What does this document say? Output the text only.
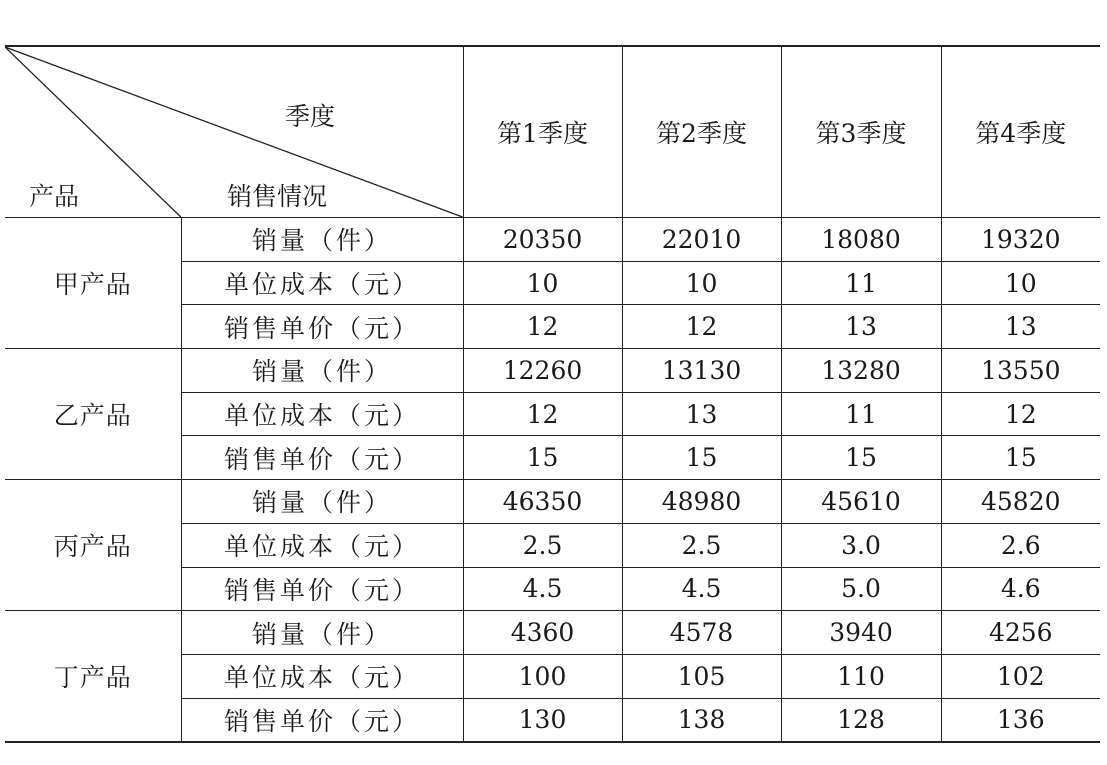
季度
销售情况
产品		第1季度	第2季度	第3季度	第4季度
甲产品	销量（件）	20350	22010	18080	19320
	单位成本（元）	10	10	11	10
	销售单价（元）	12	12	13	13
乙产品	销量（件）	12260	13130	13280	13550
	单位成本（元）	12	13	11	12
	销售单价（元）	15	15	15	15
丙产品	销量（件）	46350	48980	45610	45820
	单位成本（元）	2.5	2.5	3.0	2.6
	销售单价（元）	4.5	4.5	5.0	4.6
丁产品	销量（件）	4360	4578	3940	4256
	单位成本（元）	100	105	110	102
	销售单价（元）	130	138	128	136
